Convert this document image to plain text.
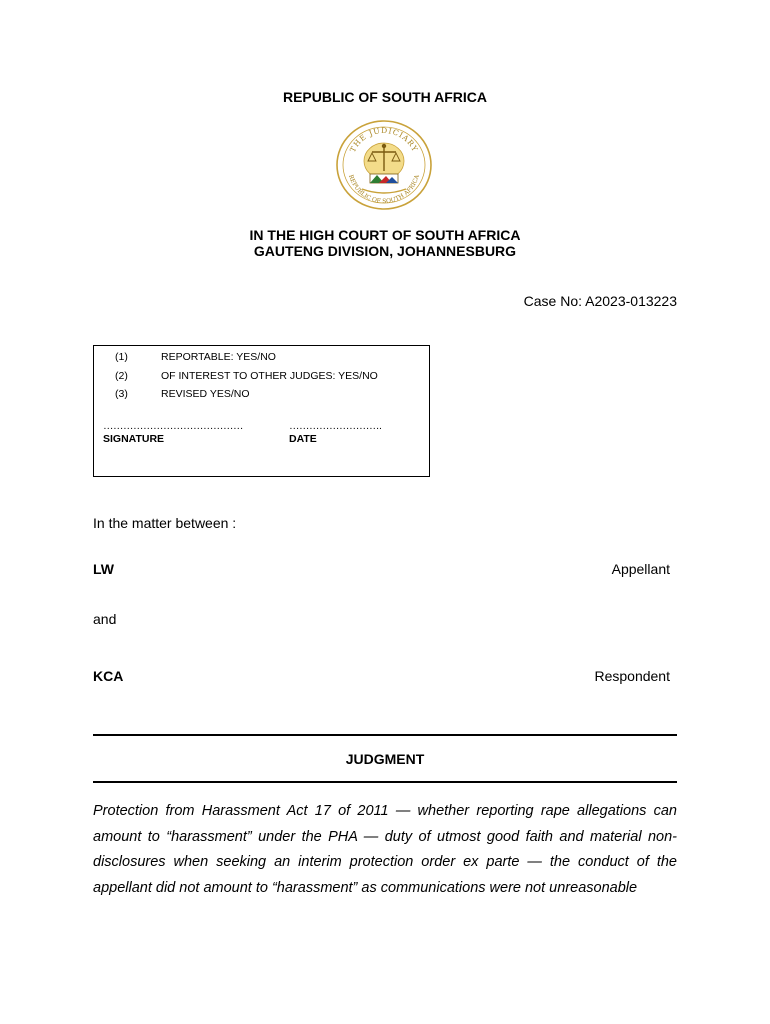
REPUBLIC OF SOUTH AFRICA
THE JUDICIARY
REPUBLIC OF SOUTH AFRICA
IN THE HIGH COURT OF SOUTH AFRICA
GAUTENG DIVISION, JOHANNESBURG
Case No: A2023-013223
(1)	REPORTABLE: YES/NO
(2)	OF INTEREST TO OTHER JUDGES: YES/NO
(3)	REVISED YES/NO
……………………………………	……………………….
SIGNATURE	DATE
In the matter between :
LW	Appellant
and
KCA	Respondent
JUDGMENT
Protection from Harassment Act 17 of 2011 — whether reporting rape allegations can amount to “harassment” under the PHA — duty of utmost good faith and material non-disclosures when seeking an interim protection order ex parte — the conduct of the appellant did not amount to “harassment” as communications were not unreasonable
